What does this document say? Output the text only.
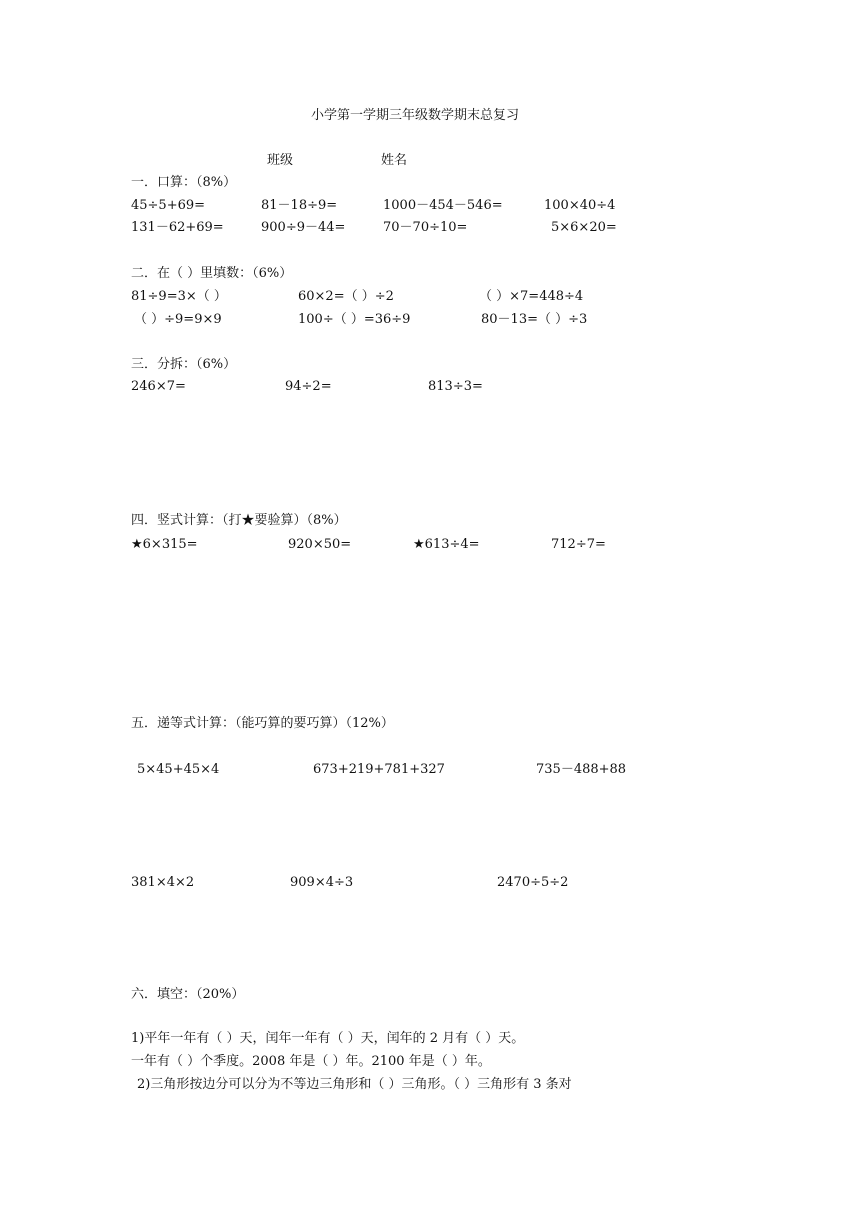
小学第一学期三年级数学期末总复习
班级	姓名
一．口算：（8%）
45÷5+69=	81－18÷9=	1000－454－546=	100×40÷4
131－62+69=	900÷9－44=	70－70÷10=	5×6×20=
二．在（ ）里填数：（6%）
81÷9=3×（ ）	60×2=（ ）÷2	（ ）×7=448÷4
（ ）÷9=9×9	100÷（ ）=36÷9	80－13=（ ）÷3
三．分拆：（6%）
246×7=	94÷2=	813÷3=
四．竖式计算：（打★要验算）（8%）
★6×315=	920×50=	★613÷4=	712÷7=
五．递等式计算：（能巧算的要巧算）（12%）
5×45+45×4	673+219+781+327	735－488+88
381×4×2	909×4÷3	2470÷5÷2
六．填空：（20%）
1)平年一年有（ ）天，闰年一年有（ ）天，闰年的 2 月有（ ）天。
一年有（ ）个季度。2008 年是（ ）年。2100 年是（ ）年。
2)三角形按边分可以分为不等边三角形和（ ）三角形。（ ）三角形有 3 条对
